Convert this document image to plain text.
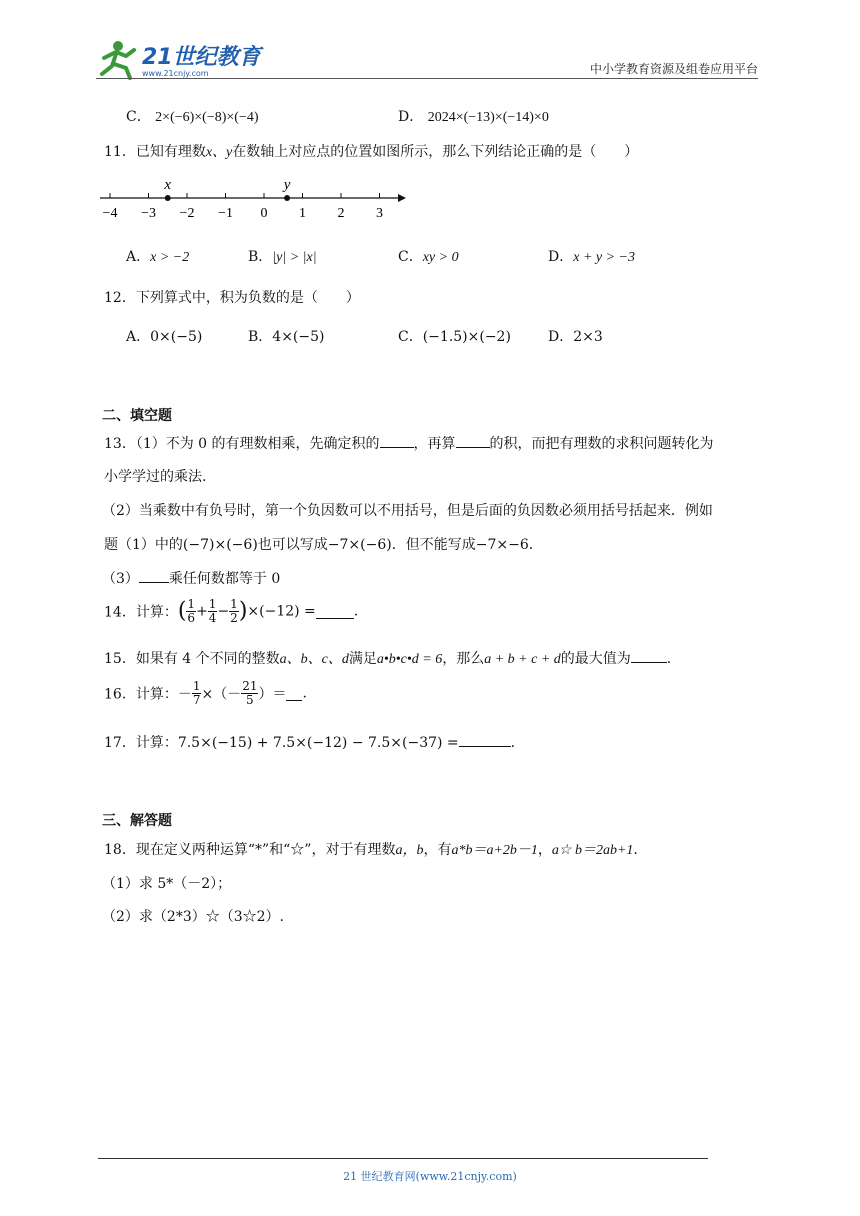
21世纪教育
www.21cnjy.com	中小学教育资源及组卷应用平台
C． 2×(−6)×(−8)×(−4)	D． 2024×(−13)×(−14)×0
11．已知有理数x、y在数轴上对应点的位置如图所示，那么下列结论正确的是（　　）
−4 −3 −2 −1 0 1 2 3
x	y
A．x > −2	B．|y| > |x|	C．xy > 0	D．x + y > −3
12．下列算式中，积为负数的是（　　）
A．0×(−5)	B．4×(−5)	C．(−1.5)×(−2)	D．2×3
二、填空题
13．（1）不为 0 的有理数相乘，先确定积的 ，再算 的积，而把有理数的求积问题转化为
小学学过的乘法.
（2）当乘数中有负号时，第一个负因数可以不用括号，但是后面的负因数必须用括号括起来．例如
题（1）中的(−7)×(−6)也可以写成−7×(−6)．但不能写成−7×−6．
（3） 乘任何数都等于 0
14．计算：( $\frac{1}{6} + \frac{1}{4} - \frac{1}{2} )\times(-12)$ =	.
15．如果有 4 个不同的整数a、b、c、d满足a•b•c•d = 6，那么a + b + c + d的最大值为	.
16．计算：－ $\frac{1}{7}$ ×（－ $\frac{21}{5}$ ）＝ .
17．计算：7.5×(−15) + 7.5×(−12) − 7.5×(−37) =	.
三、解答题
18．现在定义两种运算“*”和“☆”，对于有理数a，b，有a*b＝a+2b－1，a☆ b＝2ab+1.
（1）求 5*（－2）；
（2）求（2*3）☆（3☆2）.
21 世纪教育网(www.21cnjy.com)
